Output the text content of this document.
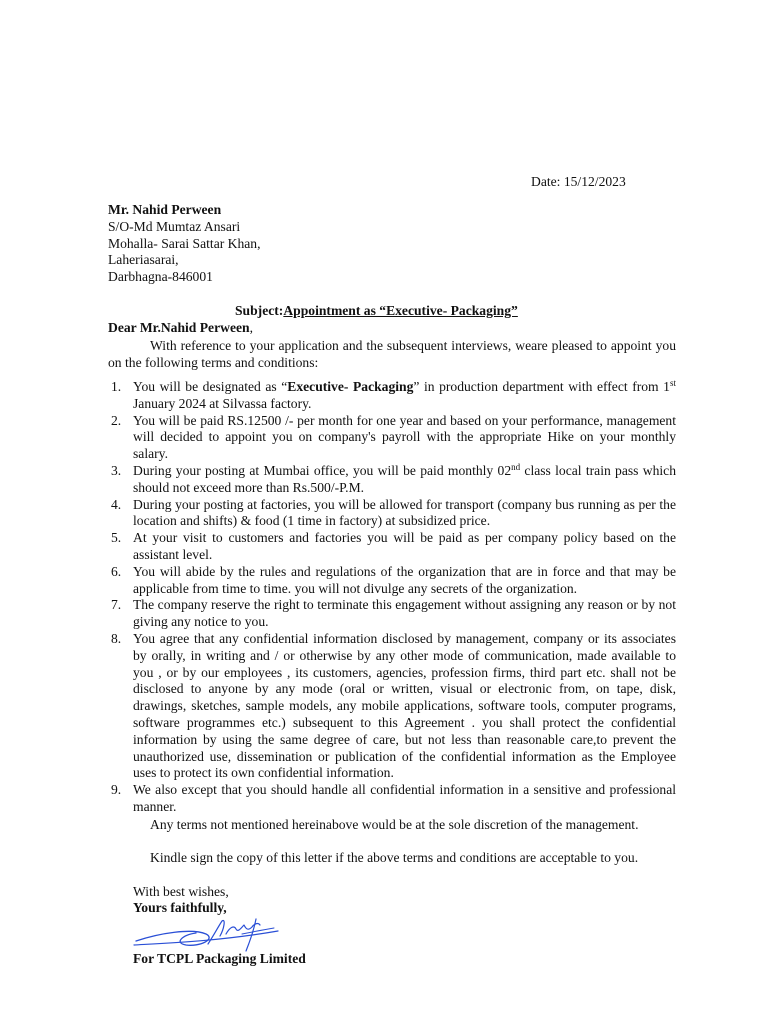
Date: 15/12/2023
Mr. Nahid Perween
S/O-Md Mumtaz Ansari
Mohalla- Sarai Sattar Khan,
Laheriasarai,
Darbhagna-846001
Subject:Appointment as “Executive- Packaging”
Dear Mr.Nahid Perween,
With reference to your application and the subsequent interviews, weare pleased to appoint you on the following terms and conditions:
1. You will be designated as “Executive- Packaging” in production department with effect from 1st January 2024 at Silvassa factory.
2. You will be paid RS.12500 /- per month for one year and based on your performance, management will decided to appoint you on company's payroll with the appropriate Hike on your monthly salary.
3. During your posting at Mumbai office, you will be paid monthly 02nd class local train pass which should not exceed more than Rs.500/-P.M.
4. During your posting at factories, you will be allowed for transport (company bus running as per the location and shifts) & food (1 time in factory) at subsidized price.
5. At your visit to customers and factories you will be paid as per company policy based on the assistant level.
6. You will abide by the rules and regulations of the organization that are in force and that may be applicable from time to time. you will not divulge any secrets of the organization.
7. The company reserve the right to terminate this engagement without assigning any reason or by not giving any notice to you.
8. You agree that any confidential information disclosed by management, company or its associates by orally, in writing and / or otherwise by any other mode of communication, made available to you , or by our employees , its customers, agencies, profession firms, third part etc. shall not be disclosed to anyone by any mode (oral or written, visual or electronic from, on tape, disk, drawings, sketches, sample models, any mobile applications, software tools, computer programs, software programmes etc.) subsequent to this Agreement . you shall protect the confidential information by using the same degree of care, but not less than reasonable care,to prevent the unauthorized use, dissemination or publication of the confidential information as the Employee uses to protect its own confidential information.
9. We also except that you should handle all confidential information in a sensitive and professional manner.
Any terms not mentioned hereinabove would be at the sole discretion of the management.
Kindle sign the copy of this letter if the above terms and conditions are acceptable to you.
With best wishes,
Yours faithfully,
For TCPL Packaging Limited
